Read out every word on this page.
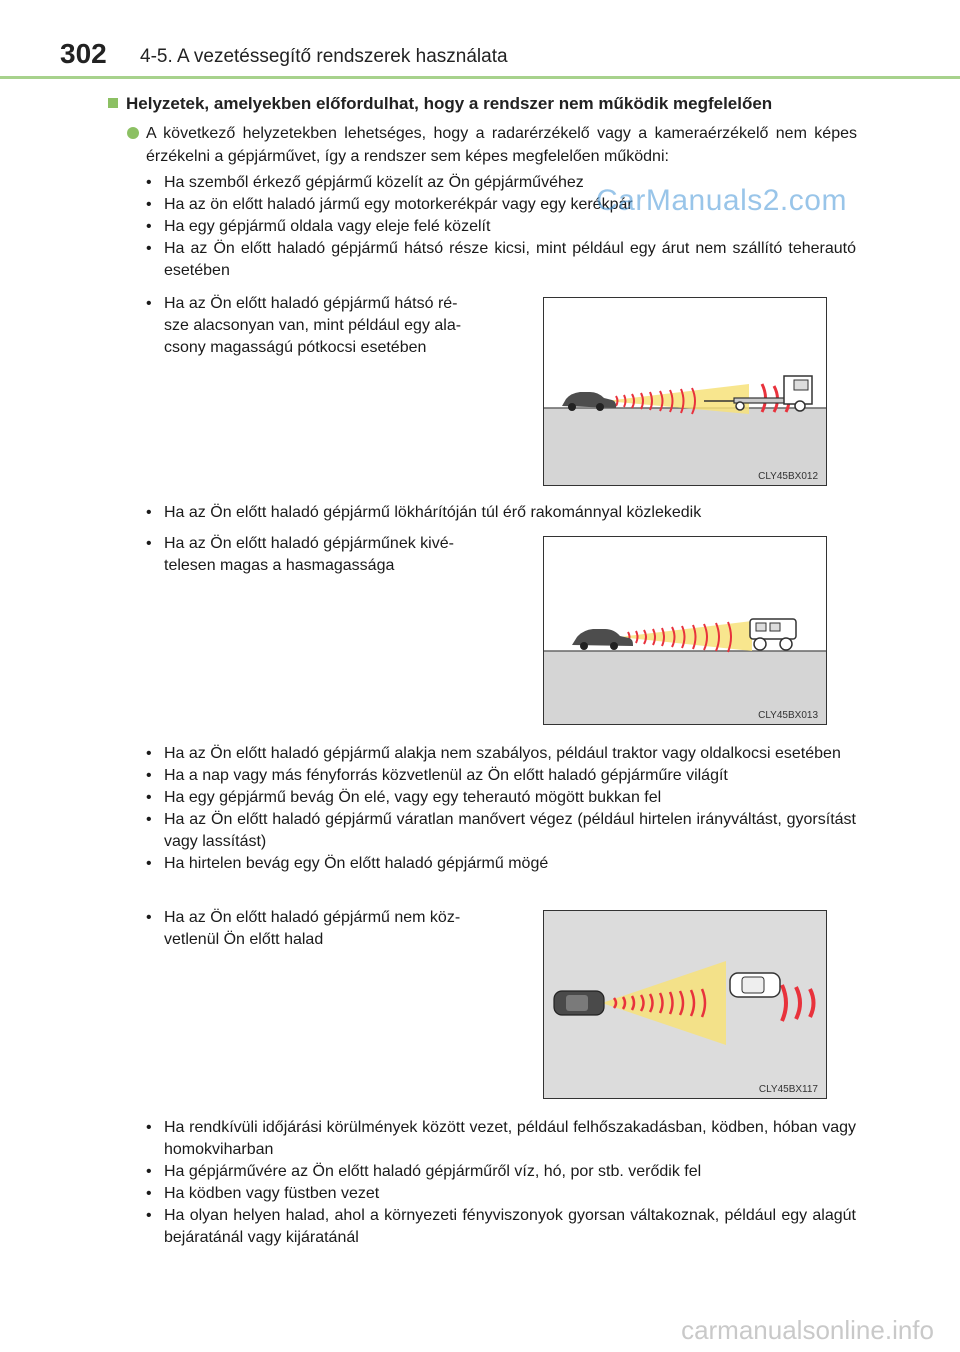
302 4-5. A vezetéssegítő rendszerek használata
Helyzetek, amelyekben előfordulhat, hogy a rendszer nem működik megfelelően
A következő helyzetekben lehetséges, hogy a radarérzékelő vagy a kameraérzékelő nem képes érzékelni a gépjárművet, így a rendszer sem képes megfelelően működni:
• Ha szemből érkező gépjármű közelít az Ön gépjárművéhez
• Ha az ön előtt haladó jármű egy motorkerékpár vagy egy kerékpár
• Ha egy gépjármű oldala vagy eleje felé közelít
• Ha az Ön előtt haladó gépjármű hátsó része kicsi, mint például egy árut nem szállító teherautó esetében
• Ha az Ön előtt haladó gépjármű hátsó ré-
sze alacsonyan van, mint például egy ala-
csony magasságú pótkocsi esetében
CLY45BX012
• Ha az Ön előtt haladó gépjármű lökhárítóján túl érő rakománnyal közlekedik
• Ha az Ön előtt haladó gépjárműnek kivé-
telesen magas a hasmagassága
CLY45BX013
• Ha az Ön előtt haladó gépjármű alakja nem szabályos, például traktor vagy oldalkocsi esetében
• Ha a nap vagy más fényforrás közvetlenül az Ön előtt haladó gépjárműre világít
• Ha egy gépjármű bevág Ön elé, vagy egy teherautó mögött bukkan fel
• Ha az Ön előtt haladó gépjármű váratlan manővert végez (például hirtelen irányváltást, gyorsítást vagy lassítást)
• Ha hirtelen bevág egy Ön előtt haladó gépjármű mögé
• Ha az Ön előtt haladó gépjármű nem köz-
vetlenül Ön előtt halad
CLY45BX117
• Ha rendkívüli időjárási körülmények között vezet, például felhőszakadásban, ködben, hóban vagy homokviharban
• Ha gépjárművére az Ön előtt haladó gépjárműről víz, hó, por stb. verődik fel
• Ha ködben vagy füstben vezet
• Ha olyan helyen halad, ahol a környezeti fényviszonyok gyorsan váltakoznak, például egy alagút bejáratánál vagy kijáratánál
CarManuals2.com
carmanualsonline.info
